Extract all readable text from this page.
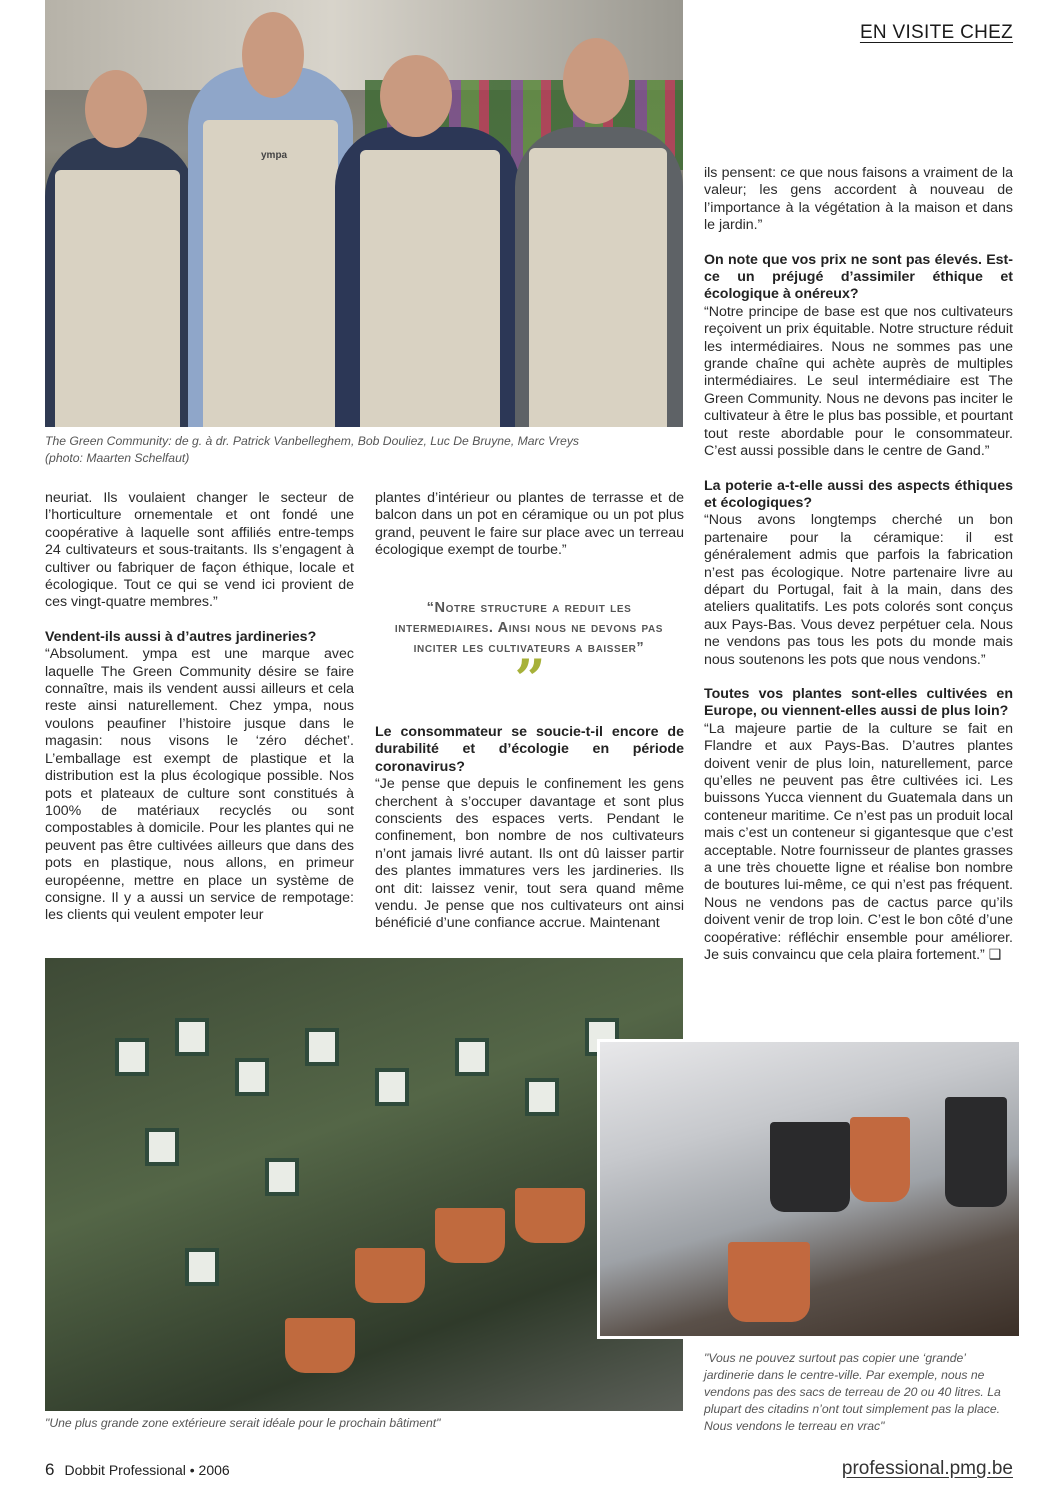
EN VISITE CHEZ
ympa
The Green Community: de g. à dr. Patrick Vanbelleghem, Bob Douliez, Luc De Bruyne, Marc Vreys
(photo: Maarten Schelfaut)

neuriat. Ils voulaient changer le secteur de l’horticulture ornementale et ont fondé une coopérative à laquelle sont affiliés entre-temps 24 cultivateurs et sous-traitants. Ils s’engagent à cultiver ou fabriquer de façon éthique, locale et écologique. Tout ce qui se vend ici provient de ces vingt-quatre membres.”

Vendent-ils aussi à d’autres jardineries?

“Absolument. ympa est une marque avec laquelle The Green Community désire se faire connaître, mais ils vendent aussi ailleurs et cela reste ainsi naturellement. Chez ympa, nous voulons peaufiner l’histoire jusque dans le magasin: nous visons le ‘zéro déchet’. L’emballage est exempt de plastique et la distribution est la plus écologique possible. Nos pots et plateaux de culture sont constitués à 100% de matériaux recyclés ou sont compostables à domicile. Pour les plantes qui ne peuvent pas être cultivées ailleurs que dans des pots en plastique, nous allons, en primeur européenne, mettre en place un système de consigne. Il y a aussi un service de rempotage: les clients qui veulent empoter leur

plantes d’intérieur ou plantes de terrasse et de balcon dans un pot en céramique ou un pot plus grand, peuvent le faire sur place avec un terreau écologique exempt de tourbe.”

“Notre structure a reduit les intermediaires. Ainsi nous ne devons pas inciter les cultivateurs a baisser”
”
Le consommateur se soucie-t-il encore de durabilité et d’écologie en période coronavirus?

“Je pense que depuis le confinement les gens cherchent à s’occuper davantage et sont plus conscients des espaces verts. Pendant le confinement, bon nombre de nos cultivateurs n’ont jamais livré autant. Ils ont dû laisser partir des plantes immatures vers les jardineries. Ils ont dit: laissez venir, tout sera quand même vendu. Je pense que nos cultivateurs ont ainsi bénéficié d’une confiance accrue. Maintenant

ils pensent: ce que nous faisons a vraiment de la valeur; les gens accordent à nouveau de l’importance à la végétation à la maison et dans le jardin.”

On note que vos prix ne sont pas élevés. Est-ce un préjugé d’assimiler éthique et écologique à onéreux?

“Notre principe de base est que nos cultivateurs reçoivent un prix équitable. Notre structure réduit les intermédiaires. Nous ne sommes pas une grande chaîne qui achète auprès de multiples intermédiaires. Le seul intermédiaire est The Green Community. Nous ne devons pas inciter le cultivateur à être le plus bas possible, et pourtant tout reste abordable pour le consommateur. C’est aussi possible dans le centre de Gand.”

La poterie a-t-elle aussi des aspects éthiques et écologiques?

“Nous avons longtemps cherché un bon partenaire pour la céramique: il est généralement admis que parfois la fabrication n’est pas écologique. Notre partenaire livre au départ du Portugal, fait à la main, dans des ateliers qualitatifs. Les pots colorés sont conçus aux Pays-Bas. Vous devez perpétuer cela. Nous ne vendons pas tous les pots du monde mais nous soutenons les pots que nous vendons.”

Toutes vos plantes sont-elles cultivées en Europe, ou viennent-elles aussi de plus loin?

“La majeure partie de la culture se fait en Flandre et aux Pays-Bas. D’autres plantes doivent venir de plus loin, naturellement, parce qu’elles ne peuvent pas être cultivées ici. Les buissons Yucca viennent du Guatemala dans un conteneur maritime. Ce n’est pas un produit local mais c’est un conteneur si gigantesque que c’est acceptable. Notre fournisseur de plantes grasses a une très chouette ligne et réalise bon nombre de boutures lui-même, ce qui n’est pas fréquent. Nous ne vendons pas de cactus parce qu’ils doivent venir de trop loin. C’est le bon côté d’une coopérative: réfléchir ensemble pour améliorer. Je suis convaincu que cela plaira fortement.” ❑

"Une plus grande zone extérieure serait idéale pour le prochain bâtiment"
"Vous ne pouvez surtout pas copier une ‘grande’ jardinerie dans le centre-ville. Par exemple, nous ne vendons pas des sacs de terreau de 20 ou 40 litres. La plupart des citadins n’ont tout simplement pas la place. Nous vendons le terreau en vrac"
6 Dobbit Professional • 2006	professional.pmg.be
